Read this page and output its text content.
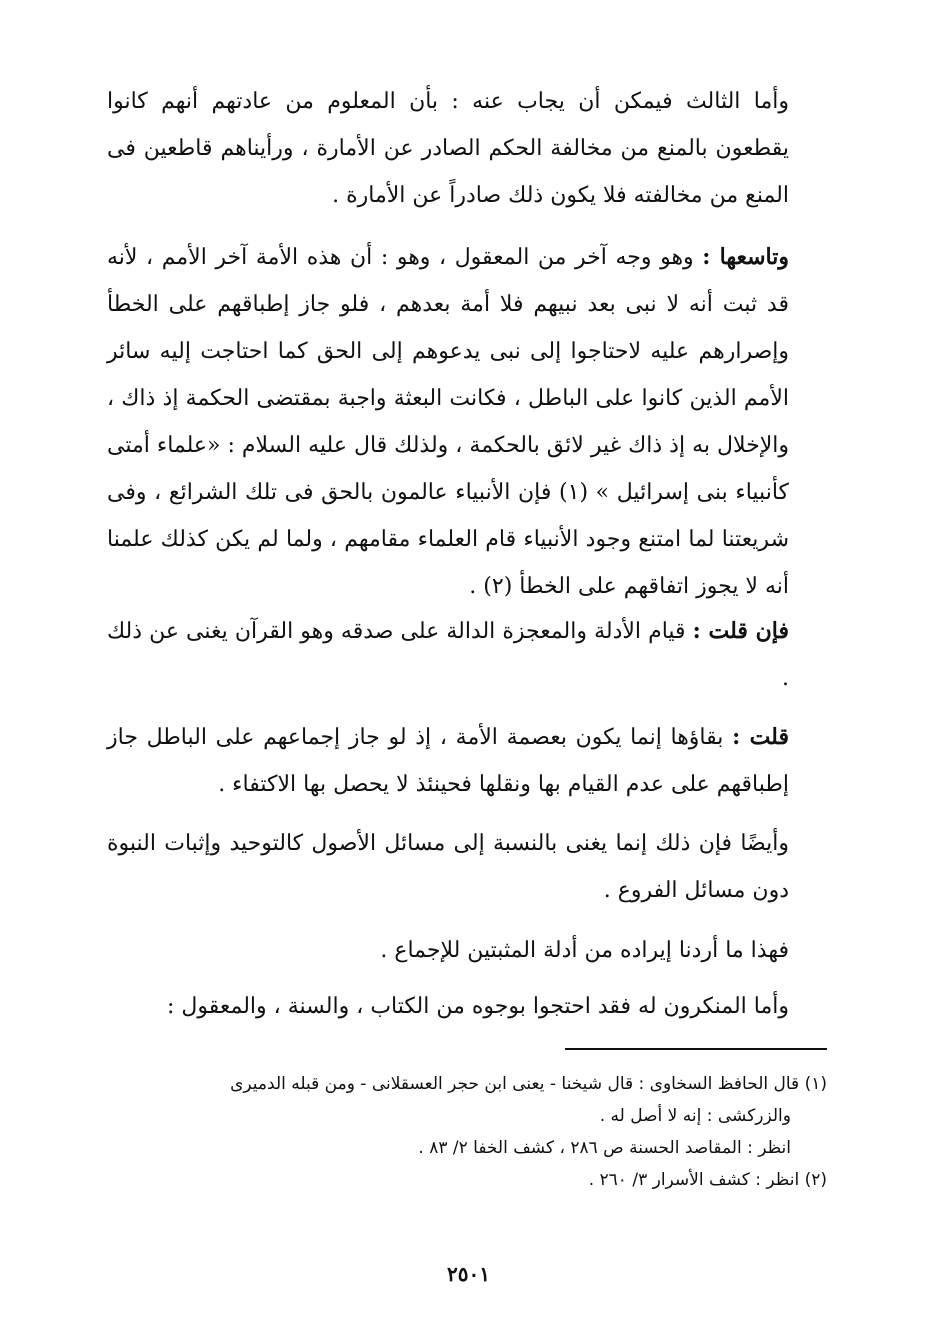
وأما الثالث فيمكن أن يجاب عنه : بأن المعلوم من عادتهم أنهم كانوا يقطعون بالمنع من مخالفة الحكم الصادر عن الأمارة ، ورأيناهم قاطعين فى المنع من مخالفته فلا يكون ذلك صادراً عن الأمارة .
وتاسعها : وهو وجه آخر من المعقول ، وهو : أن هذه الأمة آخر الأمم ، لأنه قد ثبت أنه لا نبى بعد نبيهم فلا أمة بعدهم ، فلو جاز إطباقهم على الخطأ وإصرارهم عليه لاحتاجوا إلى نبى يدعوهم إلى الحق كما احتاجت إليه سائر الأمم الذين كانوا على الباطل ، فكانت البعثة واجبة بمقتضى الحكمة إذ ذاك ، والإخلال به إذ ذاك غير لائق بالحكمة ، ولذلك قال عليه السلام : «علماء أمتى كأنبياء بنى إسرائيل » (١) فإن الأنبياء عالمون بالحق فى تلك الشرائع ، وفى شريعتنا لما امتنع وجود الأنبياء قام العلماء مقامهم ، ولما لم يكن كذلك علمنا أنه لا يجوز اتفاقهم على الخطأ (٢) .
فإن قلت : قيام الأدلة والمعجزة الدالة على صدقه وهو القرآن يغنى عن ذلك .
قلت : بقاؤها إنما يكون بعصمة الأمة ، إذ لو جاز إجماعهم على الباطل جاز إطباقهم على عدم القيام بها ونقلها فحينئذ لا يحصل بها الاكتفاء .
وأيضًا فإن ذلك إنما يغنى بالنسبة إلى مسائل الأصول كالتوحيد وإثبات النبوة دون مسائل الفروع .
فهذا ما أردنا إيراده من أدلة المثبتين للإجماع .
وأما المنكرون له فقد احتجوا بوجوه من الكتاب ، والسنة ، والمعقول :
(١) قال الحافظ السخاوى : قال شيخنا - يعنى ابن حجر العسقلانى - ومن قبله الدميرى
والزركشى : إنه لا أصل له .
انظر : المقاصد الحسنة ص ٢٨٦ ، كشف الخفا ٢/ ٨٣ .
(٢) انظر : كشف الأسرار ٣/ ٢٦٠ .
٢٥٠١
